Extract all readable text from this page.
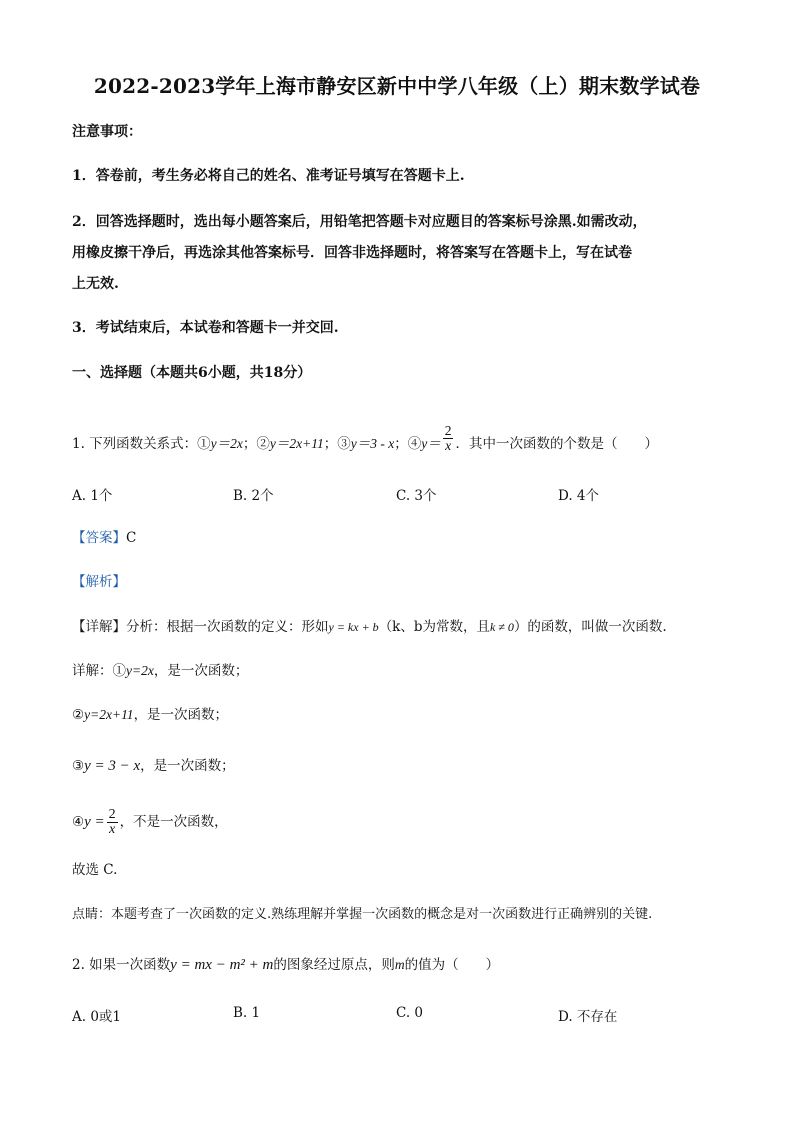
2022-2023学年上海市静安区新中中学八年级（上）期末数学试卷
注意事项：
1．答卷前，考生务必将自己的姓名、准考证号填写在答题卡上.
2．回答选择题时，选出每小题答案后，用铅笔把答题卡对应题目的答案标号涂黑.如需改动，
用橡皮擦干净后，再选涂其他答案标号．回答非选择题时，将答案写在答题卡上，写在试卷
上无效.
3．考试结束后，本试卷和答题卡一并交回.
一、选择题（本题共6小题，共18分）
1. 下列函数关系式：①y＝2x；②y＝2x+11；③y＝3 - x；④y＝ $\frac{2}{x}$ ．其中一次函数的个数是（　　）
A. 1个	B. 2个	C. 3个	D. 4个
【答案】C
【解析】
【详解】分析：根据一次函数的定义：形如y = kx + b（k、b为常数，且k ≠ 0）的函数，叫做一次函数.
详解：①y=2x，是一次函数；
②y=2x+11，是一次函数；
③y = 3 − x，是一次函数；
④y = $\frac{2}{x}$ ，不是一次函数，
故选 C.
点睛：本题考查了一次函数的定义.熟练理解并掌握一次函数的概念是对一次函数进行正确辨别的关键.
2. 如果一次函数y = mx − m² + m的图象经过原点，则m的值为（　　）
A. 0或1	B. 1	C. 0	D. 不存在
